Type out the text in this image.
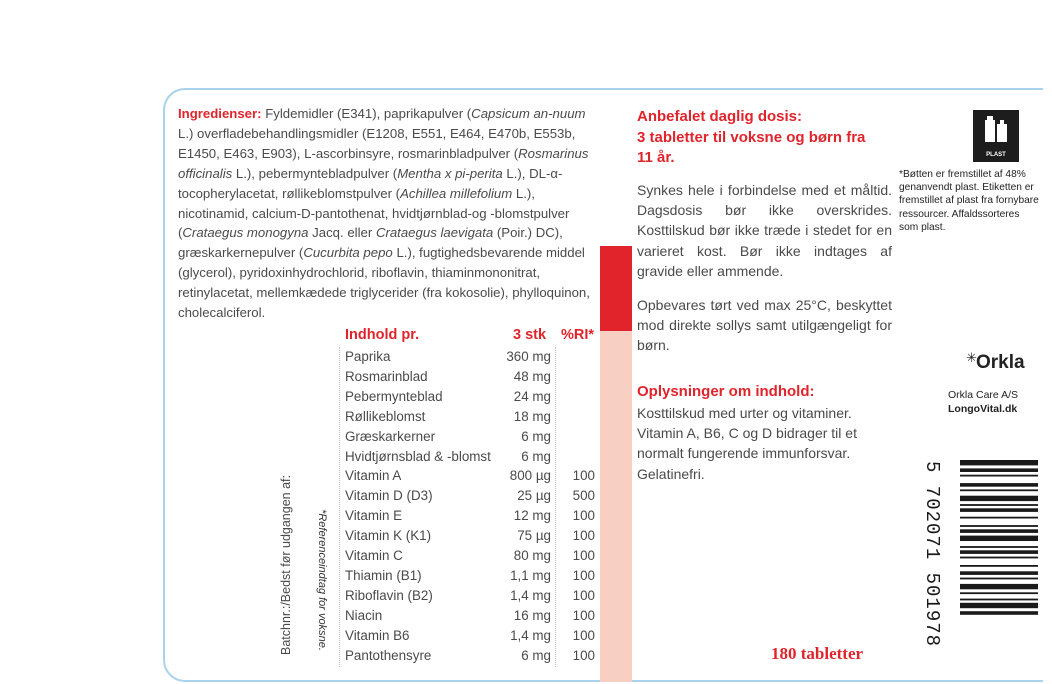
Ingredienser: Fyldemidler (E341), paprikapulver (Capsicum an-nuum L.) overfladebehandlingsmidler (E1208, E551, E464, E470b, E553b, E1450, E463, E903), L-ascorbinsyre, rosmarinbladpulver (Rosmarinus officinalis L.), pebermyntebladpulver (Mentha x pi-perita L.), DL-α-tocopherylacetat, røllikeblomstpulver (Achillea millefolium L.), nicotinamid, calcium-D-pantothenat, hvidtjørnblad-og -blomstpulver (Crataegus monogyna Jacq. eller Crataegus laevigata (Poir.) DC), græskarkernepulver (Cucurbita pepo L.), fugtighedsbevarende middel (glycerol), pyridoxinhydrochlorid, riboflavin, thiaminmononitrat, retinylacetat, mellemkædede triglycerider (fra kokosolie), phylloquinon, cholecalciferol.
Batchnr.:/Bedst før udgangen af: *Referenceindtag for voksne.
Indhold pr.	3 stk %RI*
Paprika	360 mg
Rosmarinblad	48 mg
Pebermynteblad	24 mg
Røllikeblomst	18 mg
Græskarkerner	6 mg
Hvidtjørnsblad & -blomst 6 mg
Vitamin A	800 µg 100
Vitamin D (D3)	25 µg 500
Vitamin E	12 mg 100
Vitamin K (K1)	75 µg 100
Vitamin C	80 mg 100
Thiamin (B1)	1,1 mg 100
Riboflavin (B2)	1,4 mg 100
Niacin	16 mg 100
Vitamin B6	1,4 mg 100
Pantothensyre	6 mg 100
Anbefalet daglig dosis:
3 tabletter til voksne og børn fra
11 år.
Synkes hele i forbindelse med et måltid. Dagsdosis bør ikke overskrides. Kosttilskud bør ikke træde i stedet for en varieret kost. Bør ikke indtages af gravide eller ammende.
Opbevares tørt ved max 25°C, beskyttet mod direkte sollys samt utilgængeligt for børn.
Oplysninger om indhold:
Kosttilskud med urter og vitaminer. Vitamin A, B6, C og D bidrager til et normalt fungerende immunforsvar. Gelatinefri.
180 tabletter
PLAST
*Bøtten er fremstillet af 48% genanvendt plast. Etiketten er fremstillet af plast fra fornybare ressourcer. Affaldssorteres som plast.
✳ Orkla
Orkla Care A/S
LongoVital.dk
5 702071 501978
